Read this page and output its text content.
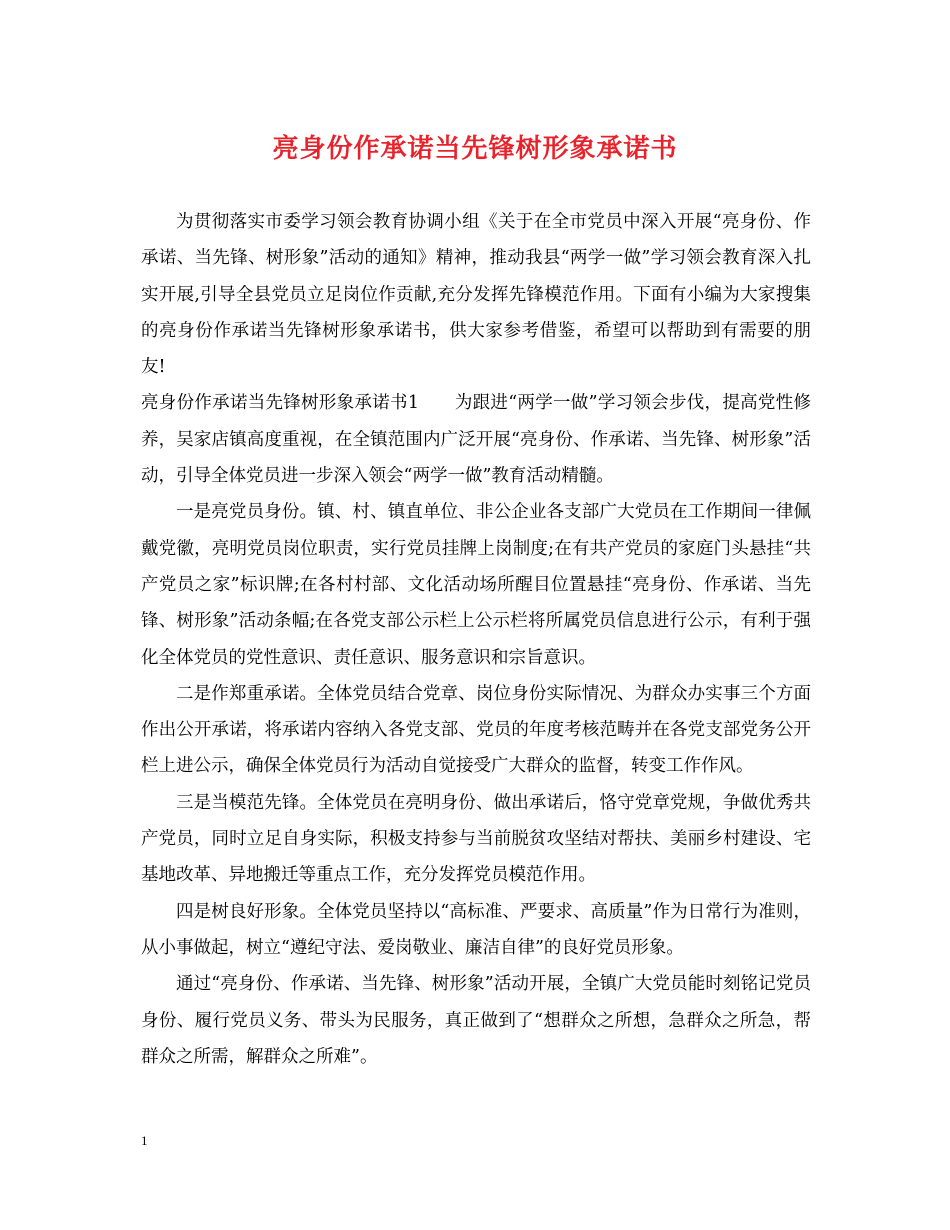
亮身份作承诺当先锋树形象承诺书

为贯彻落实市委学习领会教育协调小组《关于在全市党员中深入开展“亮身份、作承诺、当先锋、树形象”活动的通知》精神，推动我县“两学一做”学习领会教育深入扎实开展,引导全县党员立足岗位作贡献,充分发挥先锋模范作用。下面有小编为大家搜集的亮身份作承诺当先锋树形象承诺书，供大家参考借鉴，希望可以帮助到有需要的朋友!

亮身份作承诺当先锋树形象承诺书1　　为跟进“两学一做”学习领会步伐，提高党性修养，吴家店镇高度重视，在全镇范围内广泛开展“亮身份、作承诺、当先锋、树形象”活动，引导全体党员进一步深入领会“两学一做”教育活动精髓。

一是亮党员身份。镇、村、镇直单位、非公企业各支部广大党员在工作期间一律佩戴党徽，亮明党员岗位职责，实行党员挂牌上岗制度;在有共产党员的家庭门头悬挂“共产党员之家”标识牌;在各村村部、文化活动场所醒目位置悬挂“亮身份、作承诺、当先锋、树形象”活动条幅;在各党支部公示栏上公示栏将所属党员信息进行公示，有利于强化全体党员的党性意识、责任意识、服务意识和宗旨意识。

二是作郑重承诺。全体党员结合党章、岗位身份实际情况、为群众办实事三个方面作出公开承诺，将承诺内容纳入各党支部、党员的年度考核范畴并在各党支部党务公开栏上进公示，确保全体党员行为活动自觉接受广大群众的监督，转变工作作风。

三是当模范先锋。全体党员在亮明身份、做出承诺后，恪守党章党规，争做优秀共产党员，同时立足自身实际，积极支持参与当前脱贫攻坚结对帮扶、美丽乡村建设、宅基地改革、异地搬迁等重点工作，充分发挥党员模范作用。

四是树良好形象。全体党员坚持以“高标准、严要求、高质量”作为日常行为准则，从小事做起，树立“遵纪守法、爱岗敬业、廉洁自律”的良好党员形象。

通过“亮身份、作承诺、当先锋、树形象”活动开展，全镇广大党员能时刻铭记党员身份、履行党员义务、带头为民服务，真正做到了“想群众之所想，急群众之所急，帮群众之所需，解群众之所难”。

1
